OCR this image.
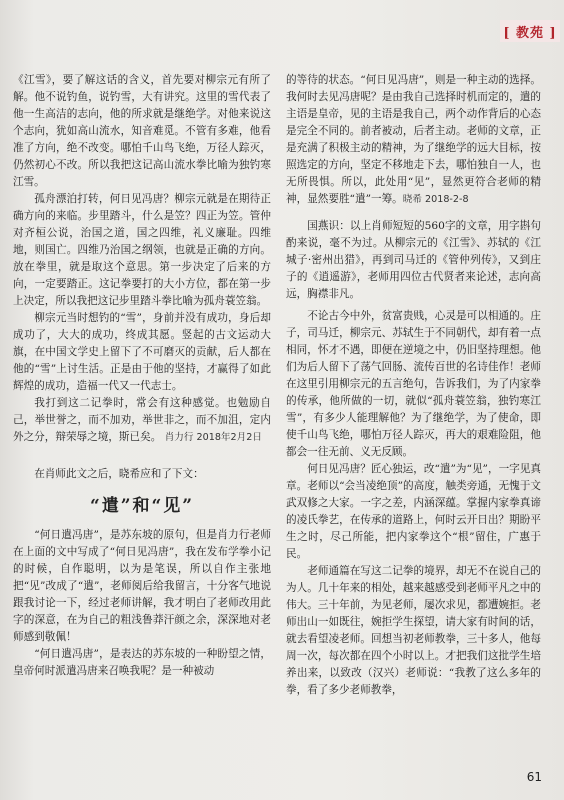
[ 教苑 ]

《江雪》，要了解这话的含义，首先要对柳宗元有所了解。他不说钓鱼，说钓雪，大有讲究。这里的雪代表了他一生高洁的志向，他的所求就是继绝学。对他来说这个志向，犹如高山流水，知音难觅。不管有多难，他看准了方向，绝不改变。哪怕千山鸟飞绝，万径人踪灭，仍然初心不改。所以我把这记高山流水拳比喻为独钓寒江雪。

孤舟漂泊打转，何日见冯唐？柳宗元就是在期待正确方向的来临。步里踏斗，什么是笠？四正为笠。管仲对齐桓公说，治国之道，国之四维，礼义廉耻。四维地，则国亡。四维乃治国之纲领，也就是正确的方向。放在拳里，就是取这个意思。第一步决定了后来的方向，一定要踏正。这记拳要打的大小方位，都在第一步上决定，所以我把这记步里踏斗拳比喻为孤舟蓑笠翁。

柳宗元当时想钓的“雪”，身前并没有成功，身后却成功了，大大的成功，终成其愿。竖起的古文运动大旗，在中国文学史上留下了不可磨灭的贡献，后人都在他的“雪”上讨生活。正是由于他的坚持，才赢得了如此辉煌的成功，造福一代又一代志士。

我打到这二记拳时，常会有这种感觉。也勉励自己，举世誉之，而不加劝，举世非之，而不加沮，定内外之分，辩荣辱之境，斯已矣。 肖力行 2018年2月2日

在肖师此文之后，晓希应和了下文：

“遣”和“见”

“何日遣冯唐”，是苏东坡的原句，但是肖力行老师在上面的文中写成了“何日见冯唐”，我在发布学拳小记的时候，自作聪明，以为是笔误，所以自作主张地把“见”改成了“遣”，老师阅后给我留言，十分客气地说跟我讨论一下，经过老师讲解，我才明白了老师改用此字的深意，在为自己的粗浅鲁莽汗颜之余，深深地对老师感到敬佩！

“何日遣冯唐”，是表达的苏东坡的一种盼望之情，皇帝何时派遣冯唐来召唤我呢？是一种被动

的等待的状态。“何日见冯唐”，则是一种主动的选择。我何时去见冯唐呢？是由我自己选择时机而定的，遣的主语是皇帝，见的主语是我自己，两个动作背后的心态是完全不同的。前者被动，后者主动。老师的文章，正是充满了积极主动的精神，为了继绝学的远大目标，按照选定的方向，坚定不移地走下去，哪怕独自一人，也无所畏惧。所以，此处用“见”，显然更符合老师的精神，显然要胜“遣”一筹。晓希 2018-2-8

国燕识：以上肖师短短的560字的文章，用字斟句酌来说，毫不为过。从柳宗元的《江雪》、苏轼的《江城子·密州出猎》，再到司马迁的《管仲列传》，又到庄子的《逍遥游》，老师用四位古代贤者来论述，志向高远，胸襟非凡。

不论古今中外，贫富贵贱，心灵是可以相通的。庄子，司马迁，柳宗元、苏轼生于不同朝代，却有着一点相同，怀才不遇，即便在逆境之中，仍旧坚持理想。他们为后人留下了荡气回肠、流传百世的名诗佳作！老师在这里引用柳宗元的五言绝句，告诉我们，为了内家拳的传承，他所做的一切，就似“孤舟蓑笠翁，独钓寒江雪”，有多少人能理解他？为了继绝学，为了使命，即使千山鸟飞绝，哪怕万径人踪灭，再大的艰难险阻，他都会一往无前、义无反顾。

何日见冯唐？匠心独运，改“遣”为“见”，一字见真章。老师以“会当凌绝顶”的高度，触类旁通，无愧于文武双修之大家。一字之差，内涵深蕴。掌握内家拳真谛的凌氏拳艺，在传承的道路上，何时云开日出？期盼平生之时，尽己所能，把内家拳这个“根”留住，广惠于民。

老师通篇在写这二记拳的境界，却无不在说自己的为人。几十年来的相处，越来越感受到老师平凡之中的伟大。三十年前，为见老师，屡次求见，都遭婉拒。老师出山一如既往，婉拒学生探望，请大家有时间的话，就去看望凌老师。回想当初老师教拳，三十多人，他每周一次，每次都在四个小时以上。才把我们这批学生培养出来，以致改（汉兴）老师说：“我教了这么多年的拳，看了多少老师教拳，

61
